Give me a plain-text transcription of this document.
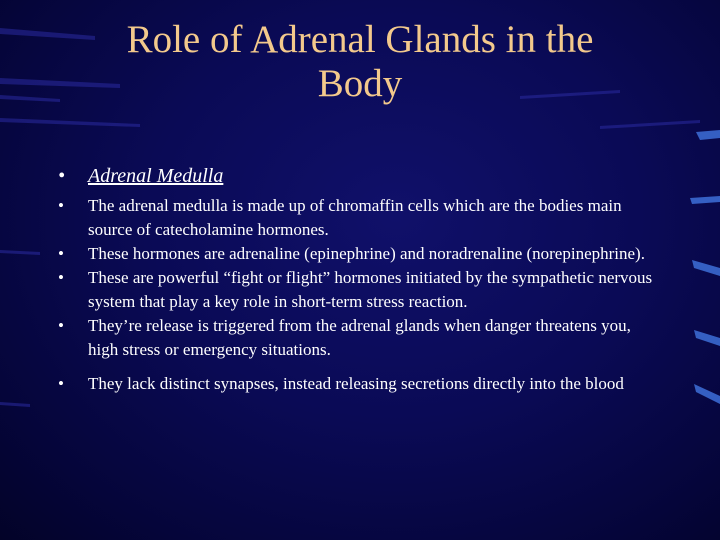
Role of Adrenal Glands in the
Body
• Adrenal Medulla
• The adrenal medulla is made up of chromaffin cells which are the bodies main source of catecholamine hormones.
• These hormones are adrenaline (epinephrine) and noradrenaline (norepinephrine).
• These are powerful “fight or flight” hormones initiated by the sympathetic nervous system that play a key role in short-term stress reaction.
• They’re release is triggered from the adrenal glands when danger threatens you, high stress or emergency situations.
• They lack distinct synapses, instead releasing secretions directly into the blood
